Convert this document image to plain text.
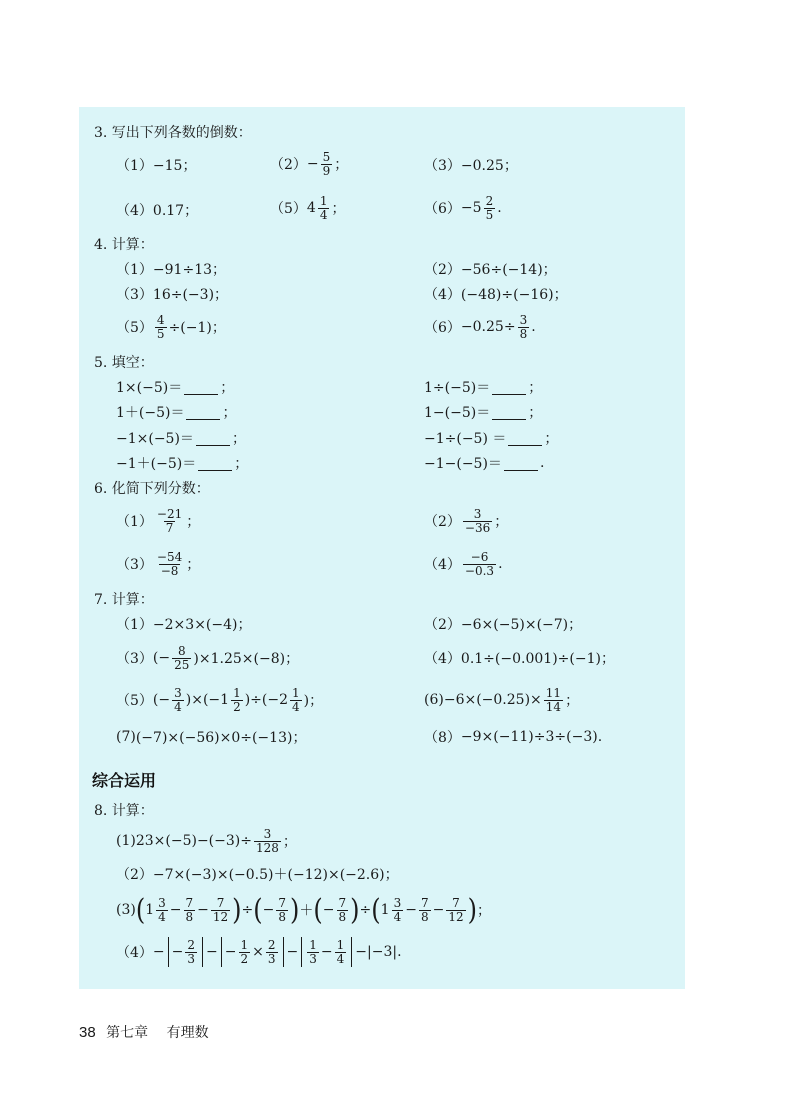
3. 写出下列各数的倒数：
（1） −15；	$(2) - \frac{5}{9}$ ；	（3） −0.25；
（4） 0.17；	（5） $4 \frac{1}{4}$ ；	$(6) -5 \frac{2}{5}$ .
4. 计算：
（1） −91÷13；	（2） −56÷(−14)；
（3） 16÷(−3)；	（4） (−48)÷(−16)；
$(5) \frac{4}{5} \div(-1)$；	$(6) -0.25\div \frac{3}{8}$ .
5. 填空：
1×(−5)＝	；	1÷(−5)＝	；
1＋(−5)＝	；	1−(−5)＝	；
−1×(−5)＝	；	−1÷(−5) ＝	；
−1＋(−5)＝	；	−1−(−5)＝	.
6. 化简下列分数：
$(1) \frac{-21}{7}$ ；	$(2) \frac{3}{-36}$ ；
$(3) \frac{-54}{-8}$ ；	$(4) \frac{-6}{-0.3}$ .
7. 计算：
（1） −2×3×(−4)；	（2） −6×(−5)×(−7)；
（3） (− $\frac{8}{25} )\times 1.25\times(-8)$；	（4） 0.1÷(−0.001)÷(−1)；
（5） (− $\frac{3}{4} )\times(-1 \frac{1}{2} )\div(-2 \frac{1}{4}$ )；	$(6) -6\times(-0.25)\times \frac{11}{14}$ ；
(7) (−7)×(−56)×0÷(−13)；	（8） −9×(−11)÷3÷(−3).
综合运用
8. 计算：
(1) $23\times(-5)-(-3)\div \frac{3}{128}$ ；
（2） −7×(−3)×(−0.5)＋(−12)×(−2.6)；
(3) ( $1 \frac{3}{4} - \frac{7}{8} - \frac{7}{12}$ ) ÷ ( − $\frac{7}{8}$ ) ＋ ( − $\frac{7}{8}$ ) ÷ ( $1 \frac{3}{4} - \frac{7}{8} - \frac{7}{12}$ ) ；
（4） − − $\frac{2}{3}$ − − $\frac{1}{2} \times \frac{2}{3} - \frac{1}{3} - \frac{1}{4} -|-3|$.
38 第七章 有理数
